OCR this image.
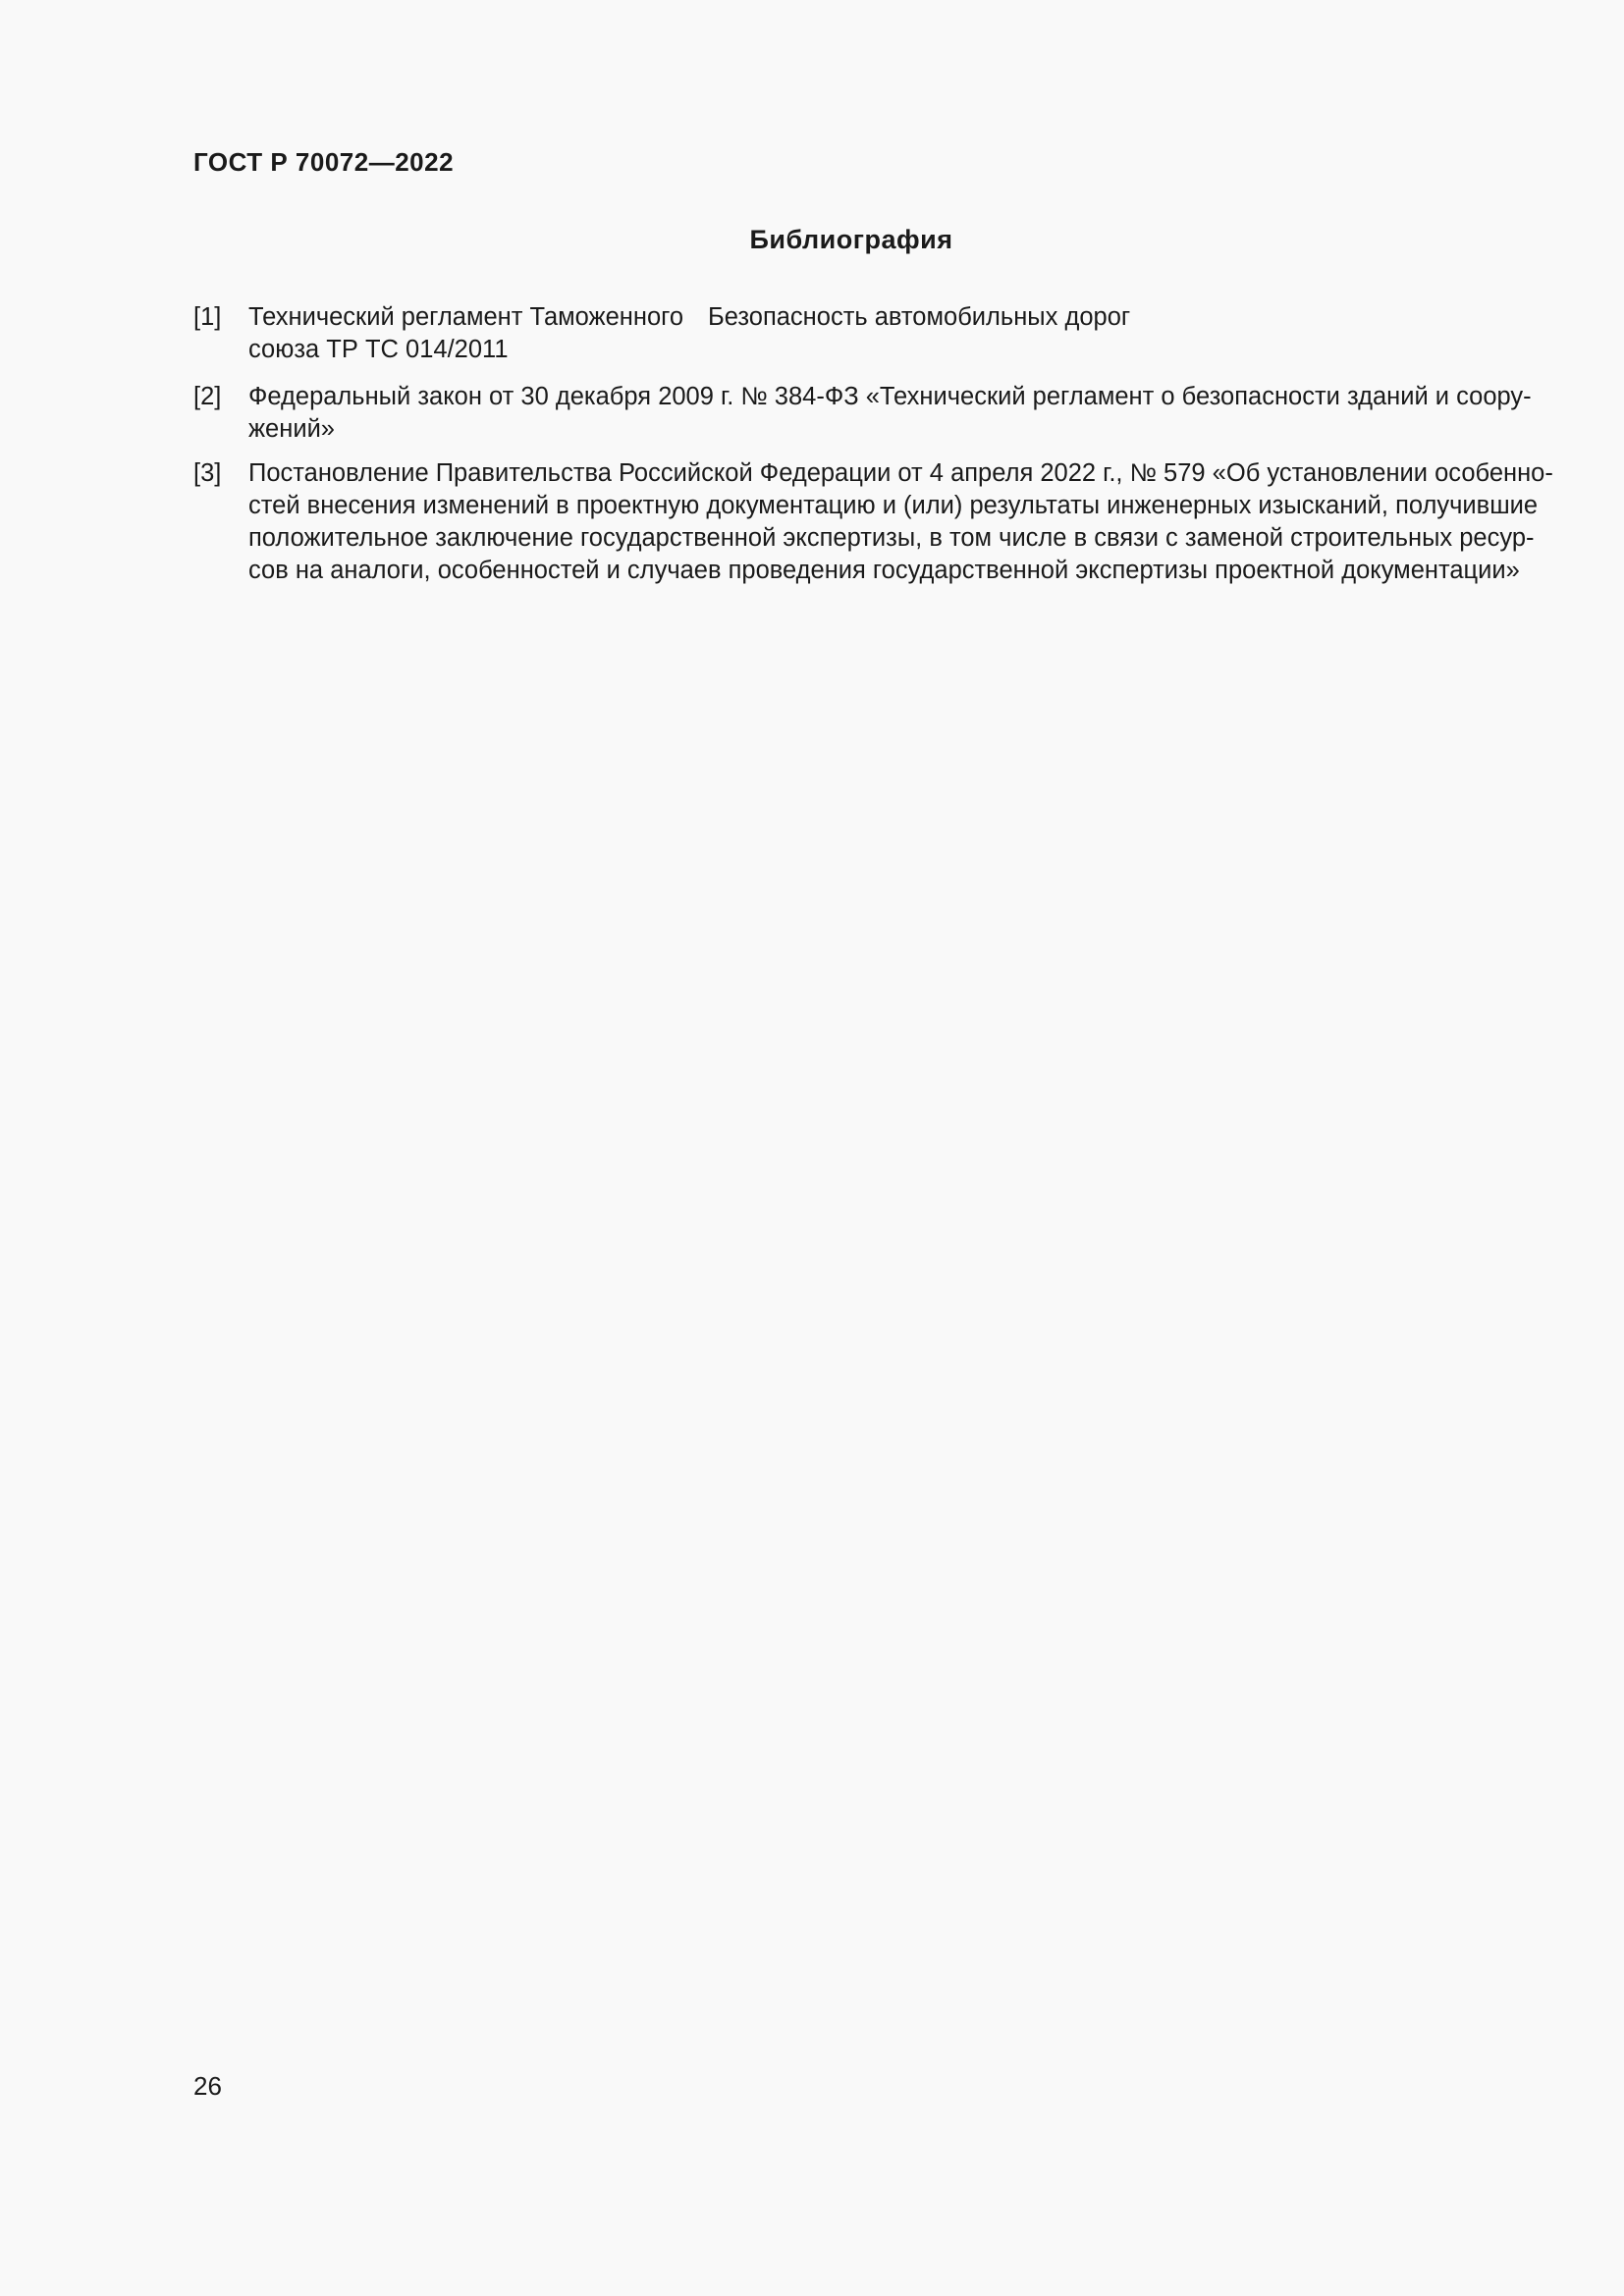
ГОСТ Р 70072—2022
Библиография
[1] Технический регламент Таможенного
союза ТР ТС 014/2011
Безопасность автомобильных дорог
[2] Федеральный закон от 30 декабря 2009 г. № 384-ФЗ «Технический регламент о безопасности зданий и соору-
жений»
[3] Постановление Правительства Российской Федерации от 4 апреля 2022 г., № 579 «Об установлении особенно-
стей внесения изменений в проектную документацию и (или) результаты инженерных изысканий, получившие
положительное заключение государственной экспертизы, в том числе в связи с заменой строительных ресур-
сов на аналоги, особенностей и случаев проведения государственной экспертизы проектной документации»
26
